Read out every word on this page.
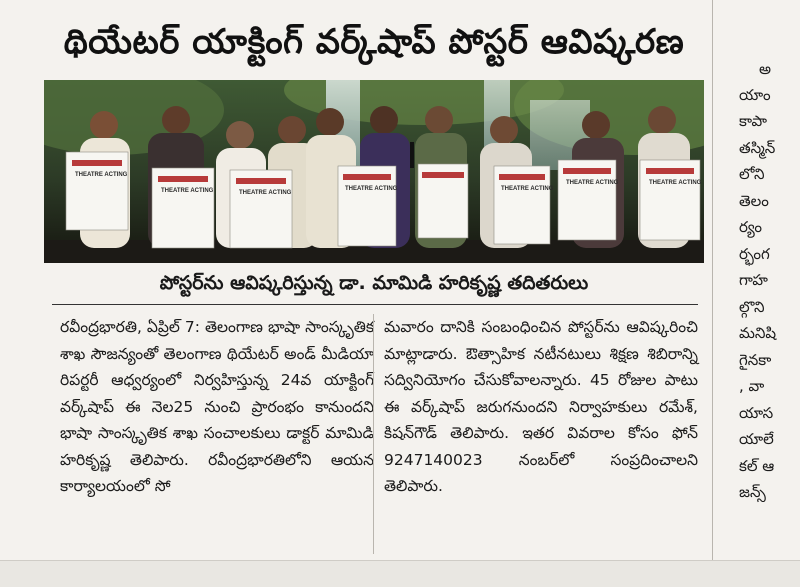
థియేటర్ యాక్టింగ్ వర్క్‌షాప్ పోస్టర్ ఆవిష్కరణ
THEATRE ACTING
THEATRE ACTING	THEATRE ACTING
THEATRE ACTING	THEATRE ACTING
THEATRE ACTING	THEATRE ACTING
పోస్టర్‌ను ఆవిష్కరిస్తున్న డా. మామిడి హరికృష్ణ తదితరులు

రవీంద్రభారతి, ఏప్రిల్ 7: తెలంగాణ భాషా సాంస్కృతిక శాఖ సౌజన్యంతో తెలంగాణ థియేటర్ అండ్ మీడియా రిపర్టరీ ఆధ్వర్యంలో నిర్వహిస్తున్న 24వ యాక్టింగ్ వర్క్‌షాప్ ఈ నెల25 నుంచి ప్రారంభం కానుందని భాషా సాంస్కృతిక శాఖ సంచాలకులు డాక్టర్ మామిడి హరికృష్ణ తెలిపారు. రవీంద్రభారతిలోని ఆయన కార్యాలయంలో సో

మవారం దానికి సంబంధించిన పోస్టర్‌ను ఆవిష్కరించి మాట్లాడారు. ఔత్సాహిక నటీనటులు శిక్షణ శిబిరాన్ని సద్వినియోగం చేసుకోవాలన్నారు. 45 రోజుల పాటు ఈ వర్క్‌షాప్ జరుగనుందని నిర్వాహకులు రమేశ్, కిషన్‌గౌడ్ తెలిపారు. ఇతర వివరాల కోసం ఫోన్ 9247140023 నంబర్‌లో సంప్రదించాలని తెలిపారు.

అ
యాం
కాపా
తస్మిన్
లోని
తెలం
ర్యం
ర్భంగ
గాహ
ల్గొని
మనిషి
గైనకా
, వా
యాస
యాలే
కల్ ఆ
జన్స్
